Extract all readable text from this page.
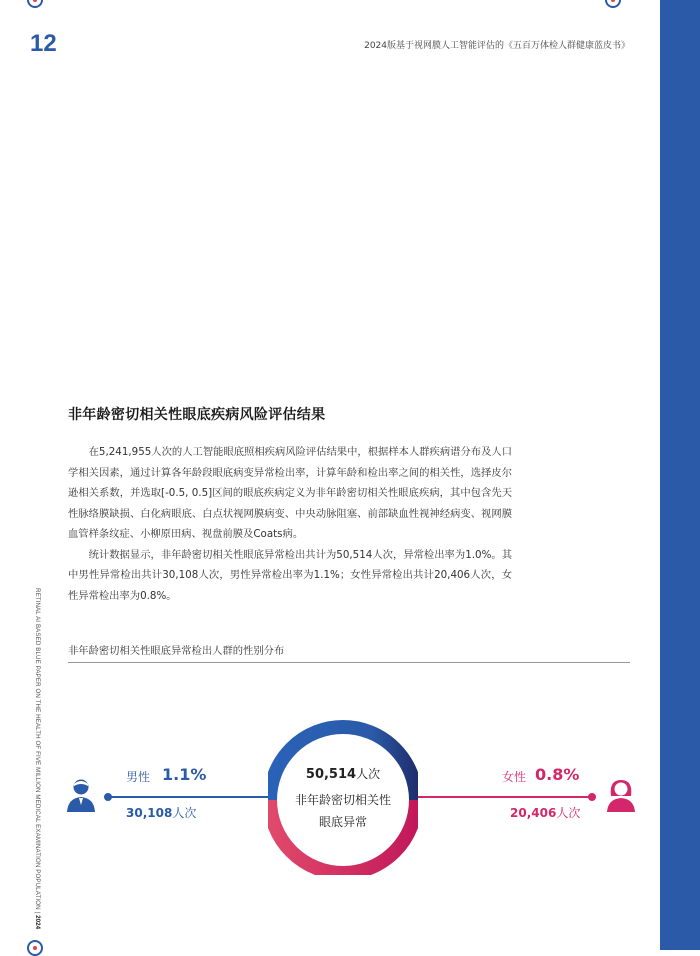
12	2024版基于视网膜人工智能评估的《五百万体检人群健康蓝皮书》
RETINAL AI BASED BLUE PAPER ON THE HEALTH OF FIVE MILLION MEDICAL EXAMINATION POPULATION | 2024
非年龄密切相关性眼底疾病风险评估结果

在5,241,955人次的人工智能眼底照相疾病风险评估结果中，根据样本人群疾病谱分布及人口学相关因素，通过计算各年龄段眼底病变异常检出率，计算年龄和检出率之间的相关性，选择皮尔逊相关系数，并选取[-0.5, 0.5]区间的眼底疾病定义为非年龄密切相关性眼底疾病，其中包含先天性脉络膜缺损、白化病眼底、白点状视网膜病变、中央动脉阻塞、前部缺血性视神经病变、视网膜血管样条纹症、小柳原田病、视盘前膜及Coats病。

统计数据显示，非年龄密切相关性眼底异常检出共计为50,514人次，异常检出率为1.0%。其中男性异常检出共计30,108人次，男性异常检出率为1.1%；女性异常检出共计20,406人次，女性异常检出率为0.8%。

非年龄密切相关性眼底异常检出人群的性别分布
50,514人次
非年龄密切相关性
眼底异常
男性 1.1%
30,108人次
女性 0.8%
20,406人次
